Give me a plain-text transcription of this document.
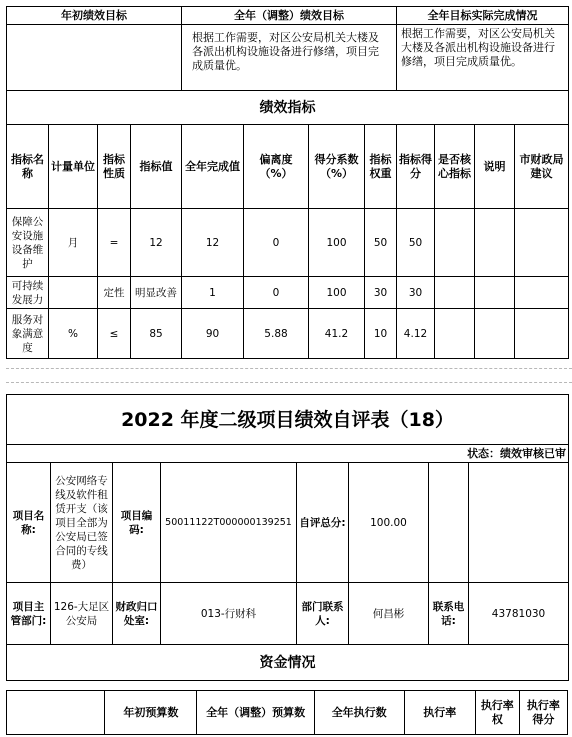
年初绩效目标				全年（调整）绩效目标				全年目标实际完成情况			
				根据工作需要，对区公安局机关大楼及各派出机构设施设备进行修缮，项目完成质量优。				根据工作需要，对区公安局机关大楼及各派出机构设施设备进行修缮，项目完成质量优。			
绩效指标											
指标名称	计量单位	指标性质	指标值	全年完成值	偏离度（%）	得分系数（%）	指标权重	指标得分	是否核心指标	说明	市财政局建议
保障公安设施设备维护	月	=	12	12	0	100	50	50			
可持续发展力		定性	明显改善	1	0	100	30	30			
服务对象满意度	%	≤	85	90	5.88	41.2	10	4.12			
2022 年度二级项目绩效自评表（18）							
状态：绩效审核已审							
项目名称:	公安网络专线及软件租赁开支（该项目全部为公安局已签合同的专线费）	项目编码:	50011122T000000139251	自评总分:	100.00		
项目主管部门:	126-大足区公安局	财政归口处室:	013-行财科	部门联系人:	何昌彬	联系电话:	43781030
资金情况							
	年初预算数	全年（调整）预算数	全年执行数	执行率	执行率权	执行率得分
